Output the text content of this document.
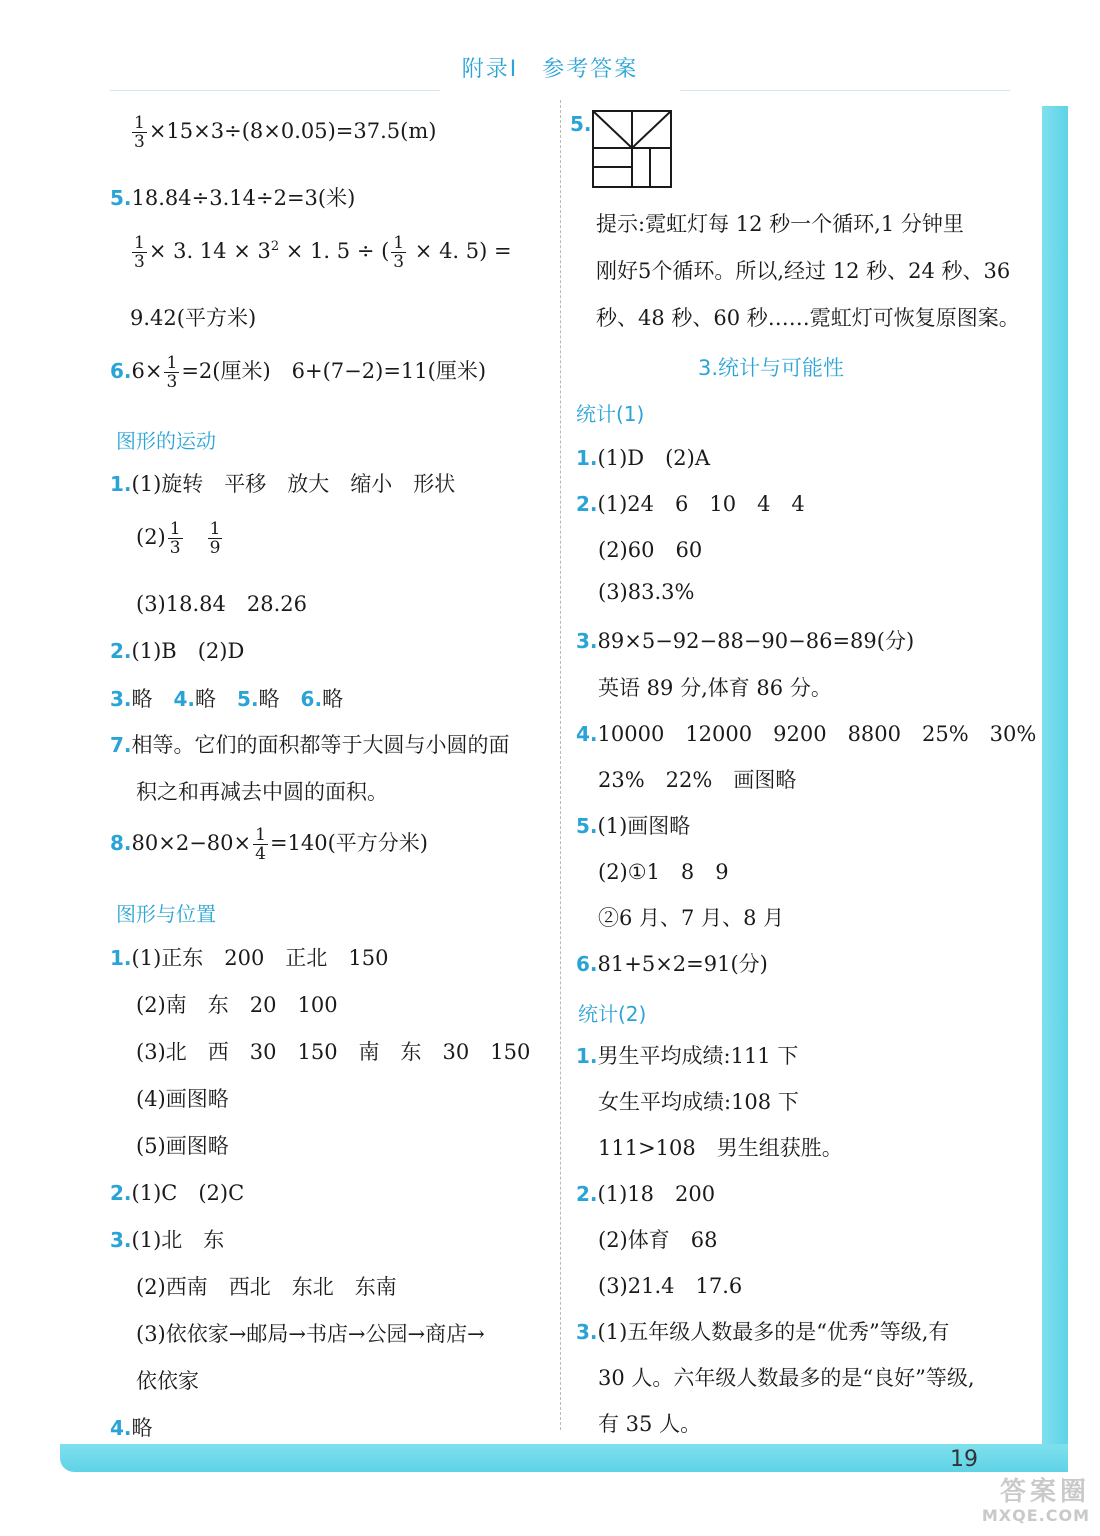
附录Ⅰ　参考答案
$\frac{1}{3} \times 15\times 3\div(8\times 0.05)=37.5(m)$
5.18.84÷3.14÷2=3(米)
$\frac{1}{3} \times 3$. $14 \times 3^2 \times 1$. 5 ÷ ( $\frac{1}{3} \times 4$. 5) =
9.42(平方米)
$6.6\times \frac{1}{3} =2$(厘米)　6+(7−2)=11(厘米)
图形的运动
1.(1)旋转　平移　放大　缩小　形状
$(2) \frac{1}{3}$
　 $\frac{1}{9}$
(3)18.84　28.26
2.(1)B　(2)D
3.略　 4.略　 5.略　 6.略
7.相等。它们的面积都等于大圆与小圆的面
积之和再减去中圆的面积。
$8.80\times 2-80\times \frac{1}{4} =140$(平方分米)
图形与位置
1.(1)正东　200　正北　150
(2)南　东　20　100
(3)北　西　30　150　南　东　30　150
(4)画图略
(5)画图略
2.(1)C　(2)C
3.(1)北　东
(2)西南　西北　东北　东南
(3)依依家→邮局→书店→公园→商店→
依依家
4.略
5.
提示:霓虹灯每 12 秒一个循环,1 分钟里
刚好5个循环。所以,经过 12 秒、24 秒、36
秒、48 秒、60 秒……霓虹灯可恢复原图案。
3.统计与可能性
统计(1)
1.(1)D　(2)A
2.(1)24　6　10　4　4
(2)60　60
(3)83.3%
3.89×5−92−88−90−86=89(分)
英语 89 分,体育 86 分。
4.10000　12000　9200　8800　25%　30%
23%　22%　画图略
5.(1)画图略
(2)①1　8　9
②6 月、7 月、8 月
6.81+5×2=91(分)
统计(2)
1.男生平均成绩:111 下
女生平均成绩:108 下
111>108　男生组获胜。
2.(1)18　200
(2)体育　68
(3)21.4　17.6
3.(1)五年级人数最多的是“优秀”等级,有
30 人。六年级人数最多的是“良好”等级,
有 35 人。
19
答案圈
MXQE.COM
